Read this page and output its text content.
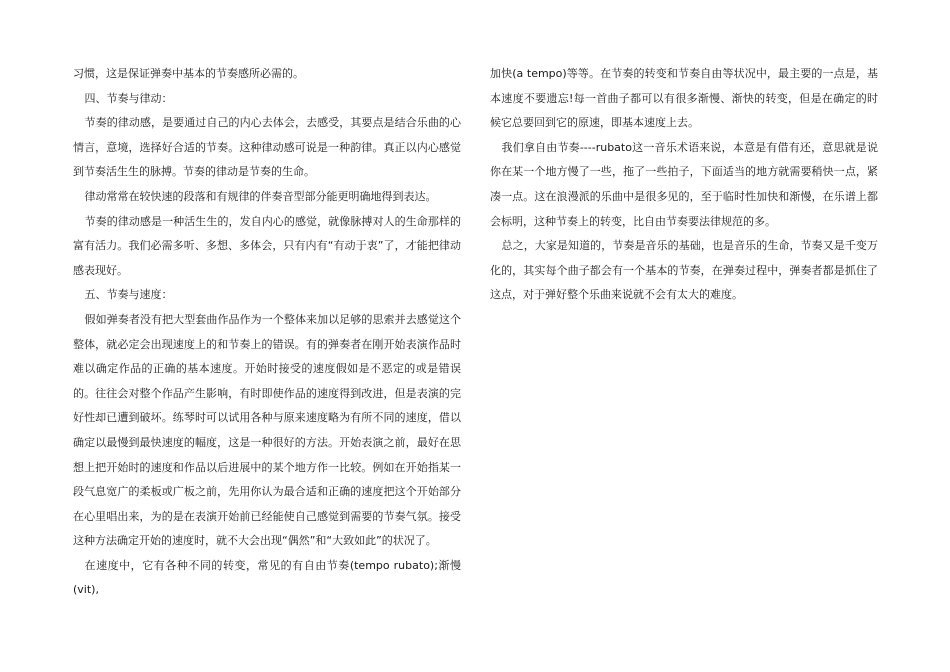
习惯，这是保证弹奏中基本的节奏感所必需的。

四、节奏与律动：

节奏的律动感，是要通过自己的内心去体会，去感受，其要点是结合乐曲的心情言，意境，选择好合适的节奏。这种律动感可说是一种韵律。真正以内心感觉到节奏活生生的脉搏。节奏的律动是节奏的生命。

律动常常在较快速的段落和有规律的伴奏音型部分能更明确地得到表达。

节奏的律动感是一种活生生的，发自内心的感觉，就像脉搏对人的生命那样的富有活力。我们必需多听、多想、多体会，只有内有“有动于衷”了，才能把律动感表现好。

五、节奏与速度：

假如弹奏者没有把大型套曲作品作为一个整体来加以足够的思索并去感觉这个整体，就必定会出现速度上的和节奏上的错误。有的弹奏者在刚开始表演作品时难以确定作品的正确的基本速度。开始时接受的速度假如是不恶定的或是错误的。往往会对整个作品产生影响，有时即使作品的速度得到改进，但是表演的完好性却已遭到破坏。练琴时可以试用各种与原来速度略为有所不同的速度，借以确定以最慢到最快速度的幅度，这是一种很好的方法。开始表演之前，最好在思想上把开始时的速度和作品以后进展中的某个地方作一比较。例如在开始指某一段气息宽广的柔板或广板之前，先用你认为最合适和正确的速度把这个开始部分在心里唱出来，为的是在表演开始前已经能使自己感觉到需要的节奏气氛。接受这种方法确定开始的速度时，就不大会出现“偶然”和“大致如此”的状况了。

在速度中，它有各种不同的转变，常见的有自由节奏(tempo rubato);渐慢(vit),

加快(a tempo)等等。在节奏的转变和节奏自由等状况中，最主要的一点是，基本速度不要遗忘!每一首曲子都可以有很多渐慢、渐快的转变，但是在确定的时候它总要回到它的原速，即基本速度上去。

我们拿自由节奏----rubato这一音乐术语来说，本意是有借有还，意思就是说你在某一个地方慢了一些，拖了一些拍子，下面适当的地方就需要稍快一点，紧凑一点。这在浪漫派的乐曲中是很多见的，至于临时性加快和渐慢，在乐谱上都会标明，这种节奏上的转变，比自由节奏要法律规范的多。

总之，大家是知道的，节奏是音乐的基础，也是音乐的生命，节奏又是千变万化的，其实每个曲子都会有一个基本的节奏，在弹奏过程中，弹奏者都是抓住了这点，对于弹好整个乐曲来说就不会有太大的难度。
